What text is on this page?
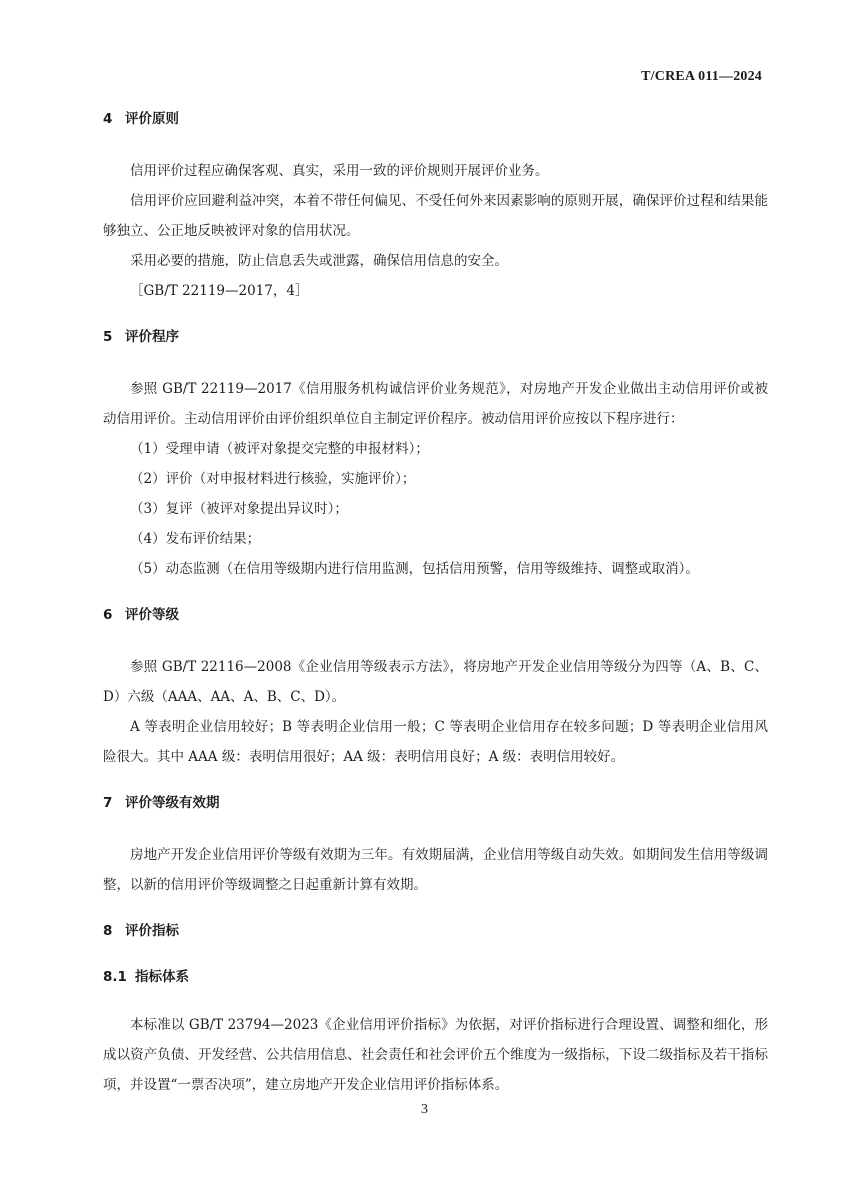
T/CREA 011—2024
4 评价原则

信用评价过程应确保客观、真实，采用一致的评价规则开展评价业务。

信用评价应回避利益冲突，本着不带任何偏见、不受任何外来因素影响的原则开展，确保评价过程和结果能够独立、公正地反映被评对象的信用状况。

采用必要的措施，防止信息丢失或泄露，确保信用信息的安全。

［GB/T 22119—2017，4］
5 评价程序

参照 GB/T 22119—2017《信用服务机构诚信评价业务规范》，对房地产开发企业做出主动信用评价或被动信用评价。主动信用评价由评价组织单位自主制定评价程序。被动信用评价应按以下程序进行：

（1）受理申请（被评对象提交完整的申报材料）；
（2）评价（对申报材料进行核验，实施评价）；
（3）复评（被评对象提出异议时）；
（4）发布评价结果；
（5）动态监测（在信用等级期内进行信用监测，包括信用预警，信用等级维持、调整或取消）。
6 评价等级

参照 GB/T 22116—2008《企业信用等级表示方法》，将房地产开发企业信用等级分为四等（A、B、C、D）六级（AAA、AA、A、B、C、D）。

A 等表明企业信用较好；B 等表明企业信用一般；C 等表明企业信用存在较多问题；D 等表明企业信用风险很大。其中 AAA 级：表明信用很好；AA 级：表明信用良好；A 级：表明信用较好。

7 评价等级有效期

房地产开发企业信用评价等级有效期为三年。有效期届满，企业信用等级自动失效。如期间发生信用等级调整，以新的信用评价等级调整之日起重新计算有效期。

8 评价指标
8.1 指标体系

本标准以 GB/T 23794—2023《企业信用评价指标》为依据，对评价指标进行合理设置、调整和细化，形成以资产负债、开发经营、公共信用信息、社会责任和社会评价五个维度为一级指标，下设二级指标及若干指标项，并设置“一票否决项”，建立房地产开发企业信用评价指标体系。

3
